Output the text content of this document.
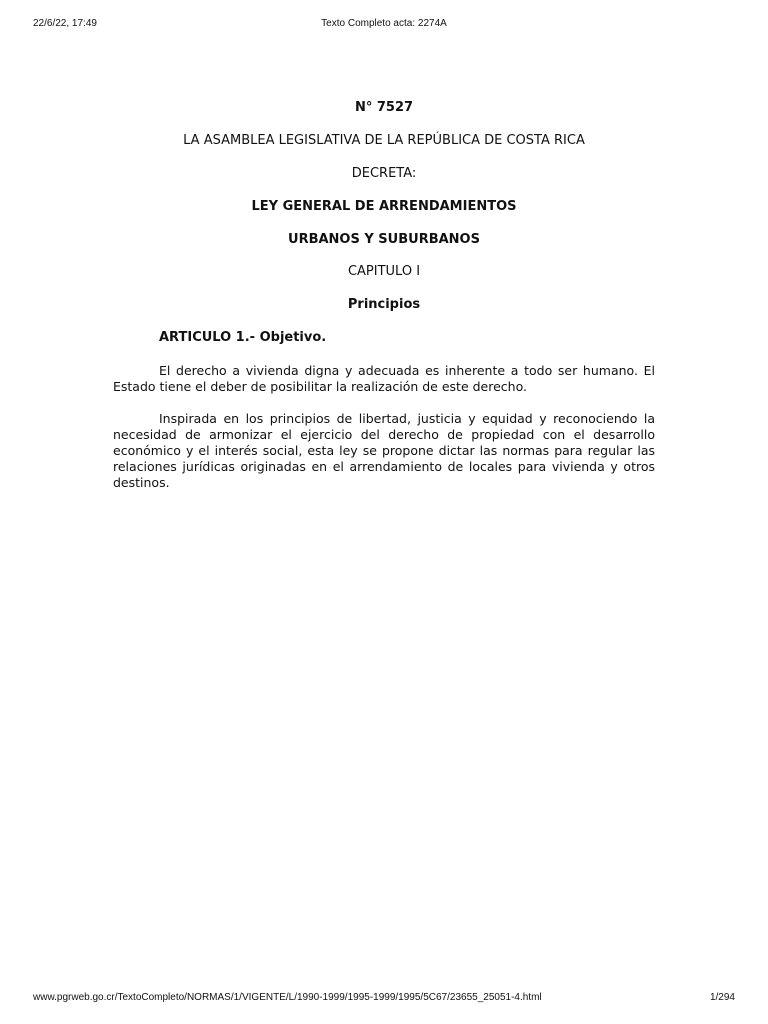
22/6/22, 17:49	Texto Completo acta: 2274A
N° 7527
LA ASAMBLEA LEGISLATIVA DE LA REPÚBLICA DE COSTA RICA
DECRETA:
LEY GENERAL DE ARRENDAMIENTOS
URBANOS Y SUBURBANOS
CAPITULO I
Principios
ARTICULO 1.- Objetivo.

El derecho a vivienda digna y adecuada es inherente a todo ser humano. El Estado tiene el deber de posibilitar la realización de este derecho.

Inspirada en los principios de libertad, justicia y equidad y reconociendo la necesidad de armonizar el ejercicio del derecho de propiedad con el desarrollo económico y el interés social, esta ley se propone dictar las normas para regular las relaciones jurídicas originadas en el arrendamiento de locales para vivienda y otros destinos.

www.pgrweb.go.cr/TextoCompleto/NORMAS/1/VIGENTE/L/1990-1999/1995-1999/1995/5C67/23655_25051-4.html	1/294
